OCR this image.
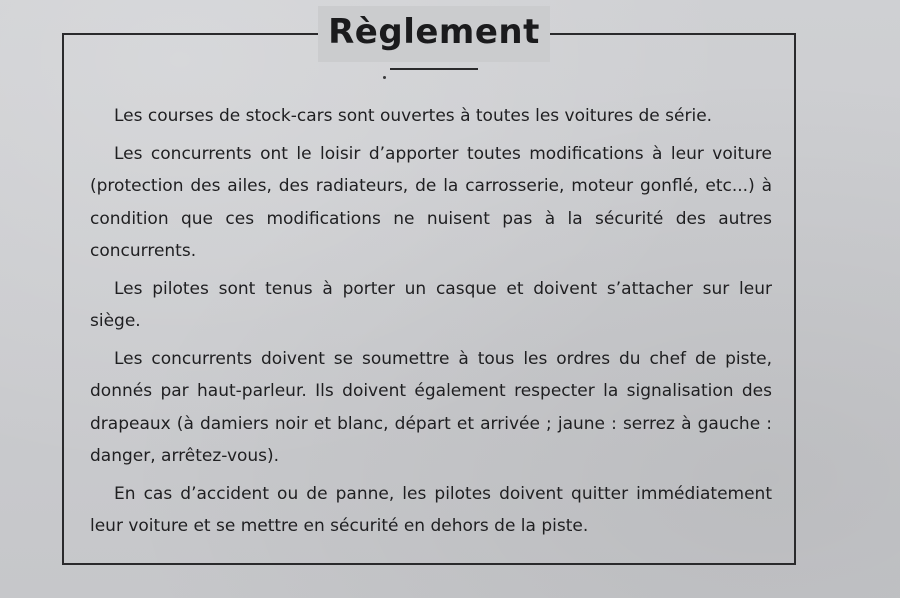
Règlement

Les courses de stock-cars sont ouvertes à toutes les voitures de série.

Les concurrents ont le loisir d’apporter toutes modifications à leur voiture (protection des ailes, des radiateurs, de la carrosserie, moteur gonflé, etc...) à condition que ces modifications ne nuisent pas à la sécurité des autres concurrents.

Les pilotes sont tenus à porter un casque et doivent s’attacher sur leur siège.

Les concurrents doivent se soumettre à tous les ordres du chef de piste, donnés par haut-parleur. Ils doivent également respecter la signalisation des drapeaux (à damiers noir et blanc, départ et arrivée ; jaune : serrez à gauche : danger, arrêtez-vous).

En cas d’accident ou de panne, les pilotes doivent quitter immédiatement leur voiture et se mettre en sécurité en dehors de la piste.
